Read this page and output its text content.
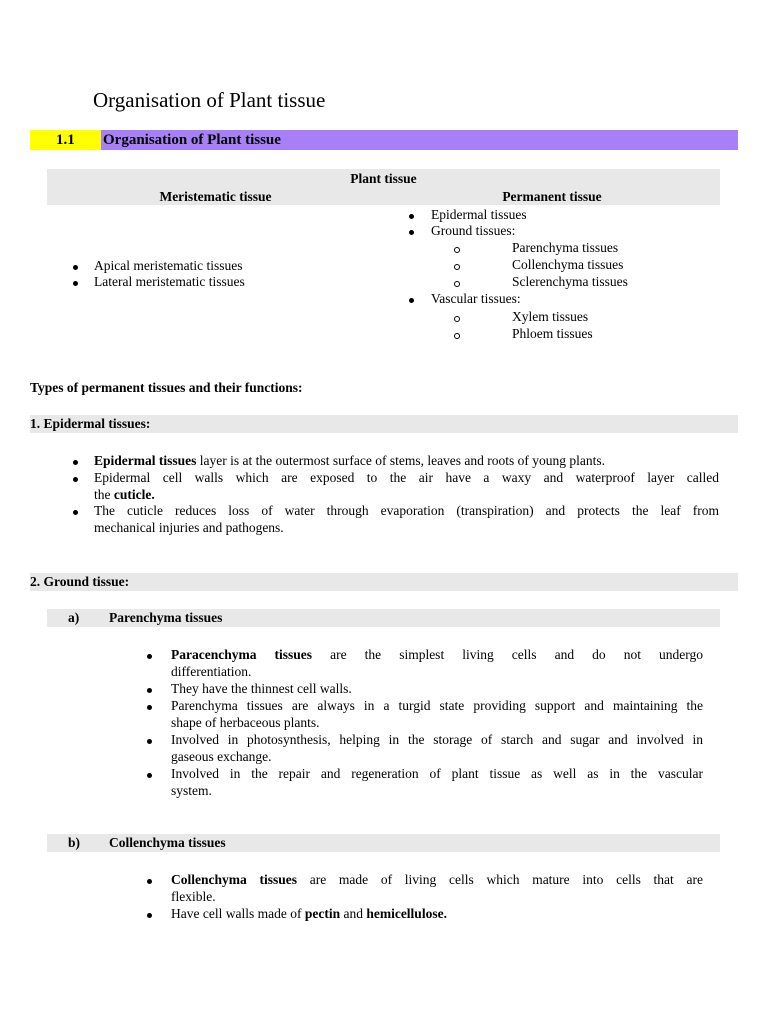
Organisation of Plant tissue
1.1	Organisation of Plant tissue
Plant tissue
Meristematic tissue	Permanent tissue
Apical meristematic tissues
Lateral meristematic tissues
Epidermal tissues
Ground tissues:
Parenchyma tissues
Collenchyma tissues
Sclerenchyma tissues
Vascular tissues:
Xylem tissues
Phloem tissues
Types of permanent tissues and their functions:
1. Epidermal tissues:
Epidermal tissues layer is at the outermost surface of stems, leaves and roots of young plants.
Epidermal cell walls which are exposed to the air have a waxy and waterproof layer called
the cuticle.
The cuticle reduces loss of water through evaporation (transpiration) and protects the leaf from
mechanical injuries and pathogens.
2. Ground tissue:
a) Parenchyma tissues
Paracenchyma tissues are the simplest living cells and do not undergo
differentiation.
They have the thinnest cell walls.
Parenchyma tissues are always in a turgid state providing support and maintaining the
shape of herbaceous plants.
Involved in photosynthesis, helping in the storage of starch and sugar and involved in
gaseous exchange.
Involved in the repair and regeneration of plant tissue as well as in the vascular
system.
b) Collenchyma tissues
Collenchyma tissues are made of living cells which mature into cells that are
flexible.
Have cell walls made of pectin and hemicellulose.
